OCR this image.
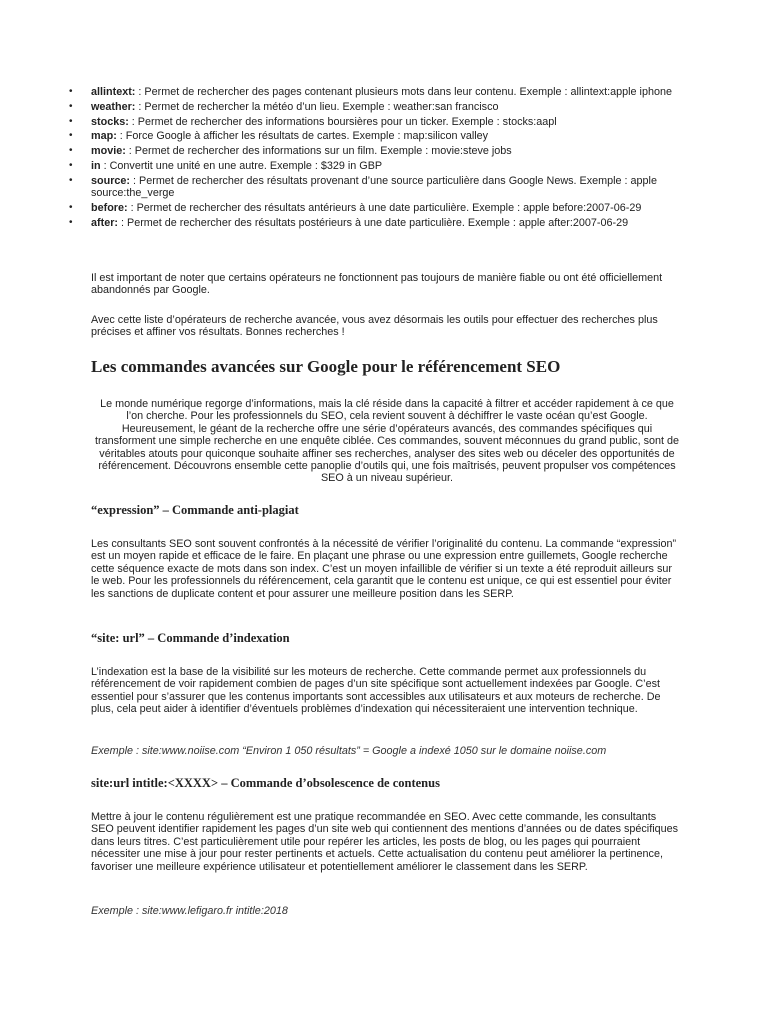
• allintext: : Permet de rechercher des pages contenant plusieurs mots dans leur contenu. Exemple : allintext:apple iphone
• weather: : Permet de rechercher la météo d’un lieu. Exemple : weather:san francisco
• stocks: : Permet de rechercher des informations boursières pour un ticker. Exemple : stocks:aapl
• map: : Force Google à afficher les résultats de cartes. Exemple : map:silicon valley
• movie: : Permet de rechercher des informations sur un film. Exemple : movie:steve jobs
• in : Convertit une unité en une autre. Exemple : $329 in GBP
• source: : Permet de rechercher des résultats provenant d’une source particulière dans Google News. Exemple : apple source:the_verge
• before: : Permet de rechercher des résultats antérieurs à une date particulière. Exemple : apple before:2007-06-29
• after: : Permet de rechercher des résultats postérieurs à une date particulière. Exemple : apple after:2007-06-29

Il est important de noter que certains opérateurs ne fonctionnent pas toujours de manière fiable ou ont été officiellement abandonnés par Google.

Avec cette liste d’opérateurs de recherche avancée, vous avez désormais les outils pour effectuer des recherches plus précises et affiner vos résultats. Bonnes recherches !

Les commandes avancées sur Google pour le référencement SEO

Le monde numérique regorge d’informations, mais la clé réside dans la capacité à filtrer et accéder rapidement à ce que l’on cherche. Pour les professionnels du SEO, cela revient souvent à déchiffrer le vaste océan qu’est Google. Heureusement, le géant de la recherche offre une série d’opérateurs avancés, des commandes spécifiques qui transforment une simple recherche en une enquête ciblée. Ces commandes, souvent méconnues du grand public, sont de véritables atouts pour quiconque souhaite affiner ses recherches, analyser des sites web ou déceler des opportunités de référencement. Découvrons ensemble cette panoplie d’outils qui, une fois maîtrisés, peuvent propulser vos compétences SEO à un niveau supérieur.

“expression” – Commande anti-plagiat

Les consultants SEO sont souvent confrontés à la nécessité de vérifier l’originalité du contenu. La commande “expression” est un moyen rapide et efficace de le faire. En plaçant une phrase ou une expression entre guillemets, Google recherche cette séquence exacte de mots dans son index. C’est un moyen infaillible de vérifier si un texte a été reproduit ailleurs sur le web. Pour les professionnels du référencement, cela garantit que le contenu est unique, ce qui est essentiel pour éviter les sanctions de duplicate content et pour assurer une meilleure position dans les SERP.

“site: url” – Commande d’indexation

L’indexation est la base de la visibilité sur les moteurs de recherche. Cette commande permet aux professionnels du référencement de voir rapidement combien de pages d’un site spécifique sont actuellement indexées par Google. C’est essentiel pour s’assurer que les contenus importants sont accessibles aux utilisateurs et aux moteurs de recherche. De plus, cela peut aider à identifier d’éventuels problèmes d’indexation qui nécessiteraient une intervention technique.

Exemple : site:www.noiise.com “Environ 1 050 résultats” = Google a indexé 1050 sur le domaine noiise.com

site:url intitle:<XXXX> – Commande d’obsolescence de contenus

Mettre à jour le contenu régulièrement est une pratique recommandée en SEO. Avec cette commande, les consultants SEO peuvent identifier rapidement les pages d’un site web qui contiennent des mentions d’années ou de dates spécifiques dans leurs titres. C’est particulièrement utile pour repérer les articles, les posts de blog, ou les pages qui pourraient nécessiter une mise à jour pour rester pertinents et actuels. Cette actualisation du contenu peut améliorer la pertinence, favoriser une meilleure expérience utilisateur et potentiellement améliorer le classement dans les SERP.

Exemple : site:www.lefigaro.fr intitle:2018
